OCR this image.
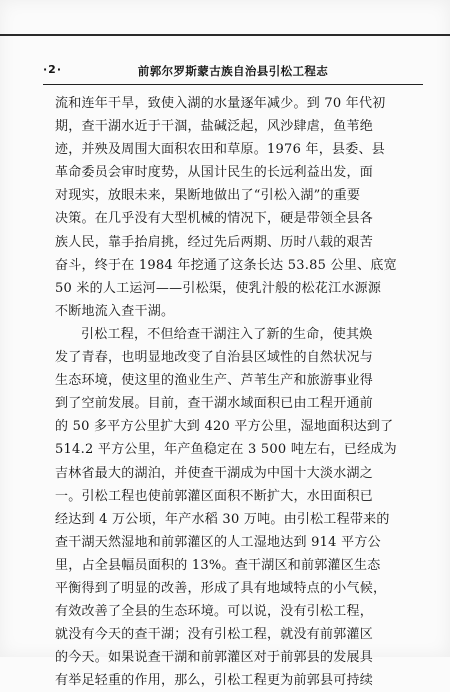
·2·	前郭尔罗斯蒙古族自治县引松工程志
流和连年干旱，致使入湖的水量逐年减少。到 70 年代初
期，查干湖水近于干涸，盐碱泛起，风沙肆虐，鱼苇绝
迹，并殃及周围大面积农田和草原。1976 年，县委、县
革命委员会审时度势，从国计民生的长远利益出发，面
对现实，放眼未来，果断地做出了“引松入湖”的重要
决策。在几乎没有大型机械的情况下，硬是带领全县各
族人民，靠手抬肩挑，经过先后两期、历时八载的艰苦
奋斗，终于在 1984 年挖通了这条长达 53.85 公里、底宽
50 米的人工运河——引松渠，使乳汁般的松花江水源源
不断地流入查干湖。
引松工程，不但给查干湖注入了新的生命，使其焕
发了青春，也明显地改变了自治县区域性的自然状况与
生态环境，使这里的渔业生产、芦苇生产和旅游事业得
到了空前发展。目前，查干湖水域面积已由工程开通前
的 50 多平方公里扩大到 420 平方公里，湿地面积达到了
514.2 平方公里，年产鱼稳定在 3 500 吨左右，已经成为
吉林省最大的湖泊，并使查干湖成为中国十大淡水湖之
一。引松工程也使前郭灌区面积不断扩大，水田面积已
经达到 4 万公顷，年产水稻 30 万吨。由引松工程带来的
查干湖天然湿地和前郭灌区的人工湿地达到 914 平方公
里，占全县幅员面积的 13%。查干湖区和前郭灌区生态
平衡得到了明显的改善，形成了具有地域特点的小气候，
有效改善了全县的生态环境。可以说，没有引松工程，
就没有今天的查干湖；没有引松工程，就没有前郭灌区
的今天。如果说查干湖和前郭灌区对于前郭县的发展具
有举足轻重的作用，那么，引松工程更为前郭县可持续
